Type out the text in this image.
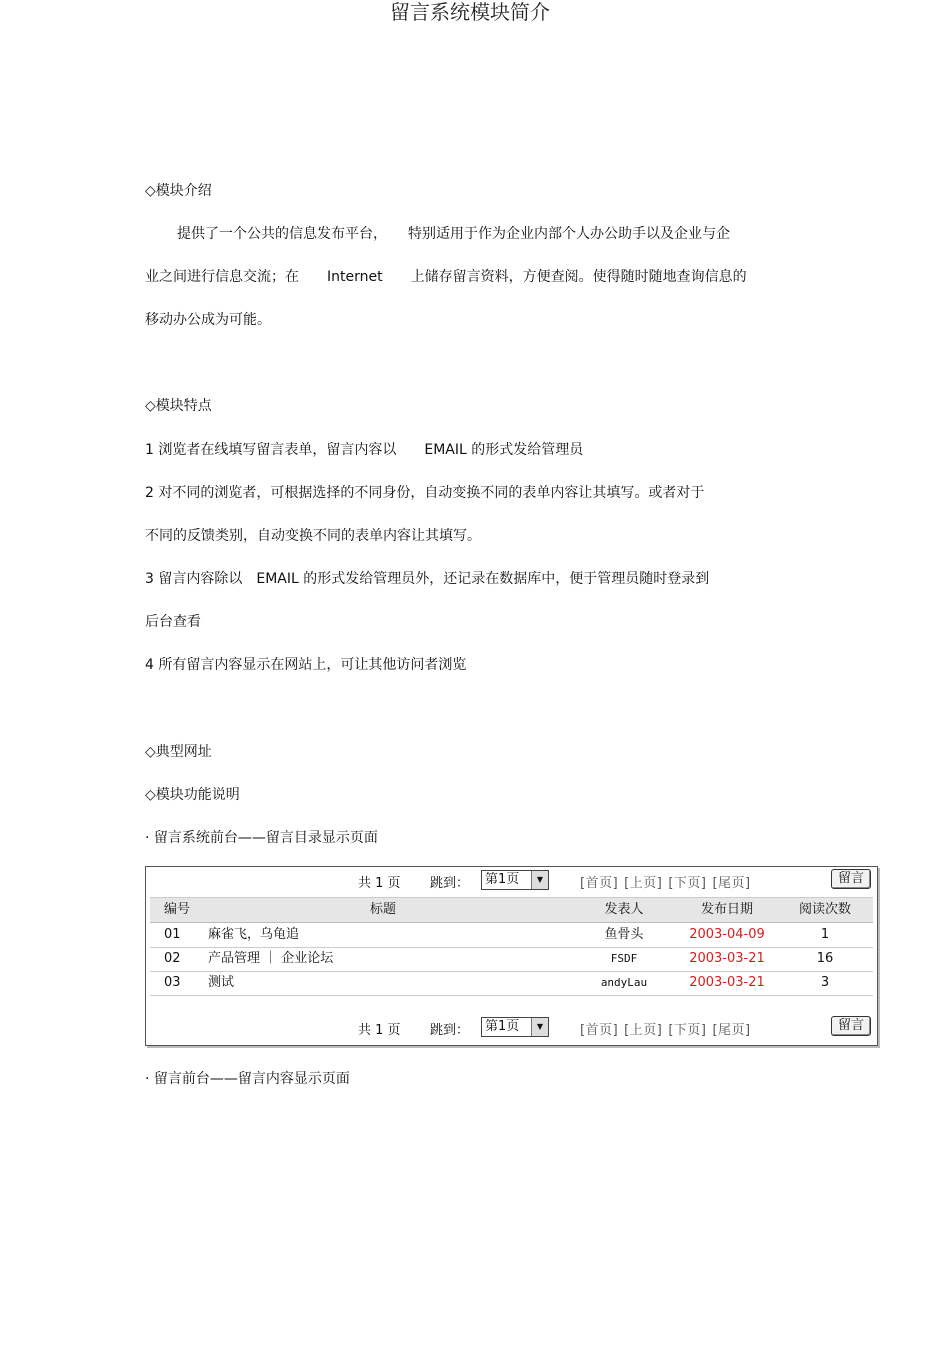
留言系统模块简介
◇模块介绍
提供了一个公共的信息发布平台，　　特别适用于作为企业内部个人办公助手以及企业与企
业之间进行信息交流；在　　Internet　　上储存留言资料，方便查阅。使得随时随地查询信息的
移动办公成为可能。
◇模块特点
1 浏览者在线填写留言表单，留言内容以　　EMAIL 的形式发给管理员
2 对不同的浏览者，可根据选择的不同身份，自动变换不同的表单内容让其填写。或者对于
不同的反馈类别，自动变换不同的表单内容让其填写。
3 留言内容除以　EMAIL 的形式发给管理员外，还记录在数据库中，便于管理员随时登录到
后台查看
4 所有留言内容显示在网站上，可让其他访问者浏览
◇典型网址
◇模块功能说明
· 留言系统前台——留言目录显示页面
共 1 页 跳到：	第1页	▼	[首页] [上页] [下页] [尾页]	留言
编号	标题	发表人	发布日期	阅读次数
01 麻雀飞，乌龟追	鱼骨头	2003-04-09	1
02 产品管理 ｜ 企业论坛	FSDF	2003-03-21	16
03 测试	andyLau	2003-03-21	3
共 1 页 跳到：	第1页	▼	[首页] [上页] [下页] [尾页]	留言
· 留言前台——留言内容显示页面
